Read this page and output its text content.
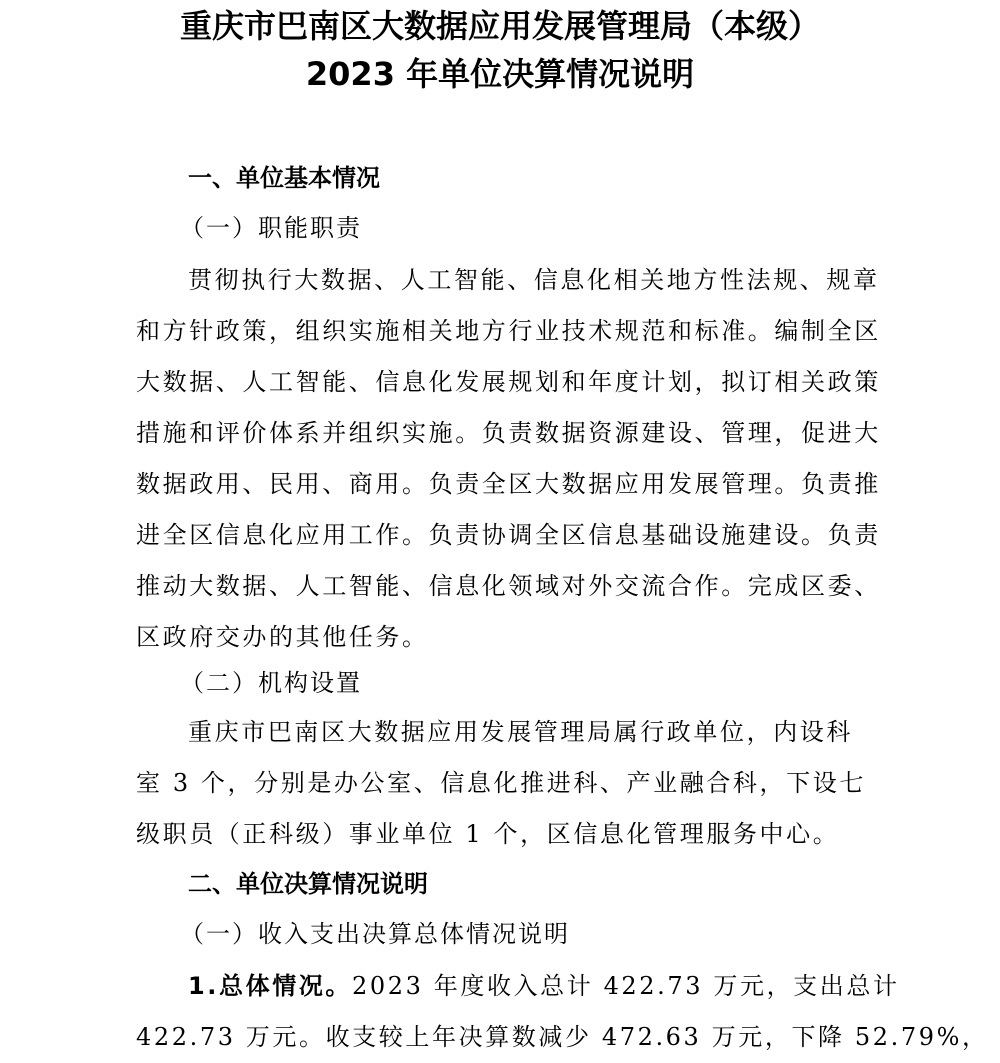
重庆市巴南区大数据应用发展管理局（本级）
2023 年单位决算情况说明
一、单位基本情况
（一）职能职责
贯彻执行大数据、人工智能、信息化相关地方性法规、规章
和方针政策，组织实施相关地方行业技术规范和标准。编制全区
大数据、人工智能、信息化发展规划和年度计划，拟订相关政策
措施和评价体系并组织实施。负责数据资源建设、管理，促进大
数据政用、民用、商用。负责全区大数据应用发展管理。负责推
进全区信息化应用工作。负责协调全区信息基础设施建设。负责
推动大数据、人工智能、信息化领域对外交流合作。完成区委、
区政府交办的其他任务。
（二）机构设置
重庆市巴南区大数据应用发展管理局属行政单位，内设科
室 3 个，分别是办公室、信息化推进科、产业融合科，下设七
级职员（正科级）事业单位 1 个，区信息化管理服务中心。
二、单位决算情况说明
（一）收入支出决算总体情况说明
1.总体情况。2023 年度收入总计 422.73 万元，支出总计
422.73 万元。收支较上年决算数减少 472.63 万元，下降 52.79%，
